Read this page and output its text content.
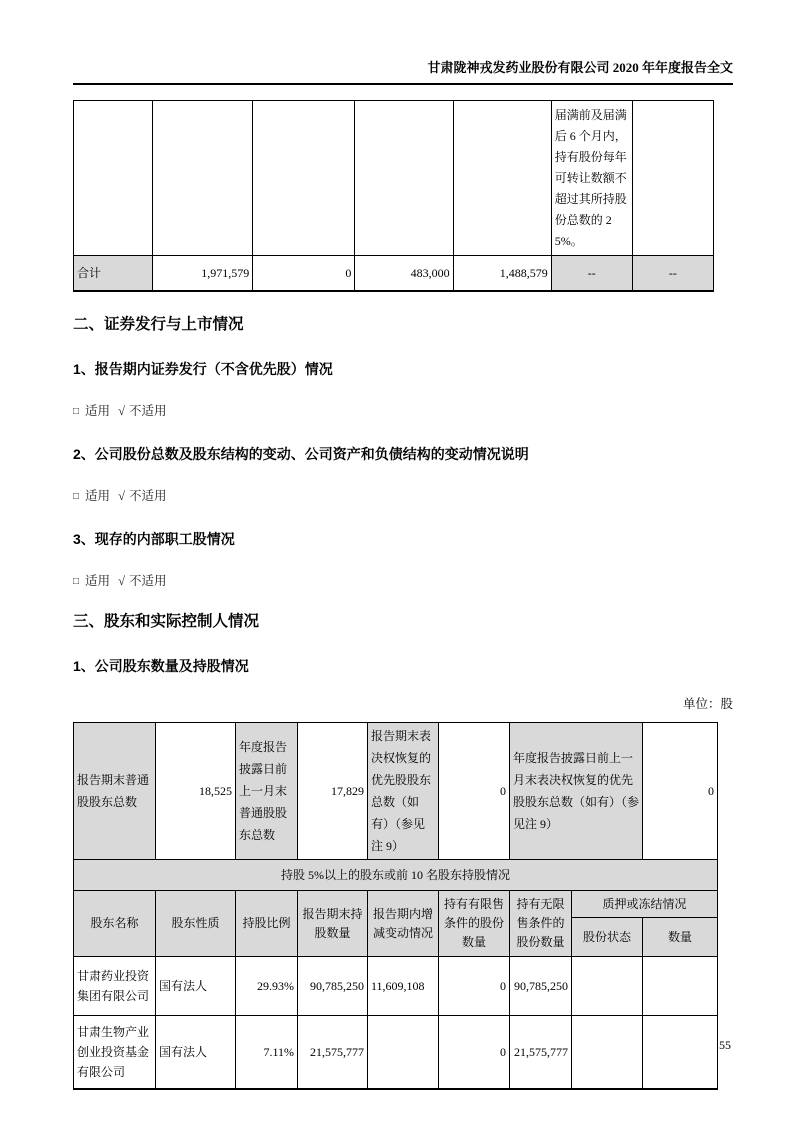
甘肃陇神戎发药业股份有限公司 2020 年年度报告全文
					届满前及届满后 6 个月内，持有股份每年可转让数额不超过其所持股份总数的 25%。	
合计	1,971,579	0	483,000	1,488,579	--	--
二、证券发行与上市情况
1、报告期内证券发行（不含优先股）情况
□ 适用 √ 不适用
2、公司股份总数及股东结构的变动、公司资产和负债结构的变动情况说明
□ 适用 √ 不适用
3、现存的内部职工股情况
□ 适用 √ 不适用
三、股东和实际控制人情况
1、公司股东数量及持股情况
单位：股
报告期末普通股股东总数	18,525	年度报告披露日前上一月末普通股股东总数	17,829	报告期末表决权恢复的优先股股东总数（如有）（参见注 9）	0	年度报告披露日前上一月末表决权恢复的优先股股东总数（如有）（参见注 9）		0
持股 5%以上的股东或前 10 名股东持股情况								
股东名称	股东性质	持股比例	报告期末持股数量	报告期内增减变动情况	持有有限售条件的股份数量	持有无限售条件的股份数量	质押或冻结情况	
							股份状态	数量
甘肃药业投资集团有限公司	国有法人	29.93%	90,785,250	11,609,108	0	90,785,250		
甘肃生物产业创业投资基金有限公司	国有法人	7.11%	21,575,777		0	21,575,777			55
